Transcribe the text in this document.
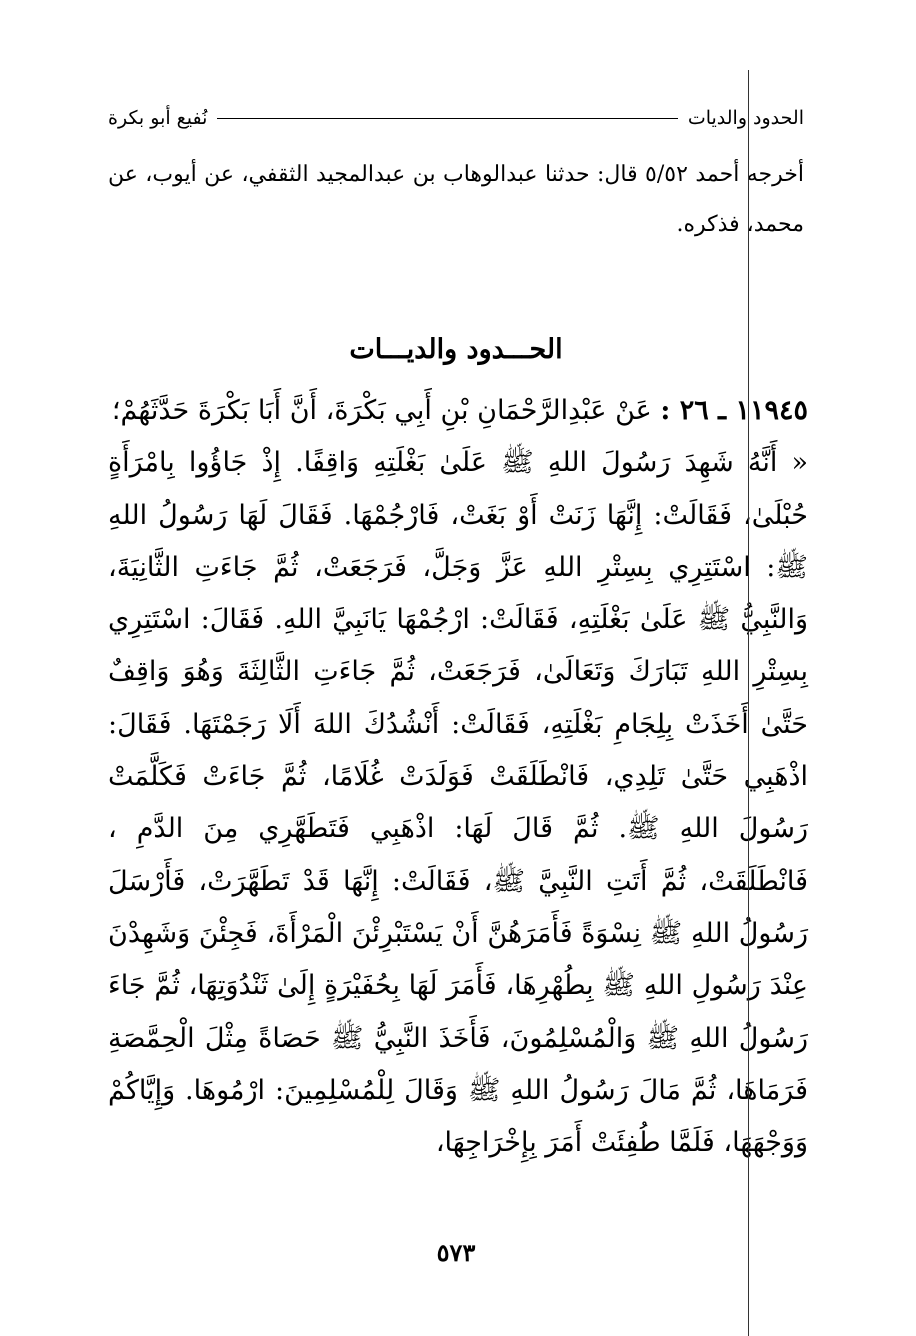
الحدود والديات
نُفيع أبو بكرة
أخرجه أحمد ٥/٥٢ قال: حدثنا عبدالوهاب بن عبدالمجيد الثقفي، عن أيوب، عن محمد، فذكره.
الحـــدود والديـــات

١١٩٤٥ ـ ٢٦ : عَنْ عَبْدِالرَّحْمَانِ بْنِ أَبِي بَكْرَةَ، أَنَّ أَبَا بَكْرَةَ حَدَّثَهُمْ؛

« أَنَّهُ شَهِدَ رَسُولَ اللهِ ﷺ عَلَىٰ بَغْلَتِهِ وَاقِفًا. إِذْ جَاؤُوا بِامْرَأَةٍ حُبْلَىٰ، فَقَالَتْ: إِنَّهَا زَنَتْ أَوْ بَغَتْ، فَارْجُمْهَا. فَقَالَ لَهَا رَسُولُ اللهِ ﷺ: اسْتَتِرِي بِسِتْرِ اللهِ عَزَّ وَجَلَّ، فَرَجَعَتْ، ثُمَّ جَاءَتِ الثَّانِيَةَ، وَالنَّبِيُّ ﷺ عَلَىٰ بَغْلَتِهِ، فَقَالَتْ: ارْجُمْهَا يَانَبِيَّ اللهِ. فَقَالَ: اسْتَتِرِي بِسِتْرِ اللهِ تَبَارَكَ وَتَعَالَىٰ، فَرَجَعَتْ، ثُمَّ جَاءَتِ الثَّالِثَةَ وَهُوَ وَاقِفٌ حَتَّىٰ أَخَذَتْ بِلِجَامِ بَغْلَتِهِ، فَقَالَتْ: أَنْشُدُكَ اللهَ أَلَا رَجَمْتَهَا. فَقَالَ: اذْهَبِي حَتَّىٰ تَلِدِي، فَانْطَلَقَتْ فَوَلَدَتْ غُلَامًا، ثُمَّ جَاءَتْ فَكَلَّمَتْ رَسُولَ اللهِ ﷺ. ثُمَّ قَالَ لَهَا: اذْهَبِي فَتَطَهَّرِي مِنَ الدَّمِ ، فَانْطَلَقَتْ، ثُمَّ أَتَتِ النَّبِيَّ ﷺ، فَقَالَتْ: إِنَّهَا قَدْ تَطَهَّرَتْ، فَأَرْسَلَ رَسُولُ اللهِ ﷺ نِسْوَةً فَأَمَرَهُنَّ أَنْ يَسْتَبْرِئْنَ الْمَرْأَةَ، فَجِئْنَ وَشَهِدْنَ عِنْدَ رَسُولِ اللهِ ﷺ بِطُهْرِهَا، فَأَمَرَ لَهَا بِحُفَيْرَةٍ إِلَىٰ ثَنْدُوَتِهَا، ثُمَّ جَاءَ رَسُولُ اللهِ ﷺ وَالْمُسْلِمُونَ، فَأَخَذَ النَّبِيُّ ﷺ حَصَاةً مِثْلَ الْحِمَّصَةِ فَرَمَاهَا، ثُمَّ مَالَ رَسُولُ اللهِ ﷺ وَقَالَ لِلْمُسْلِمِينَ: ارْمُوهَا. وَإِيَّاكُمْ وَوَجْهَهَا، فَلَمَّا طُفِئَتْ أَمَرَ بِإِخْرَاجِهَا،

٥٧٣
